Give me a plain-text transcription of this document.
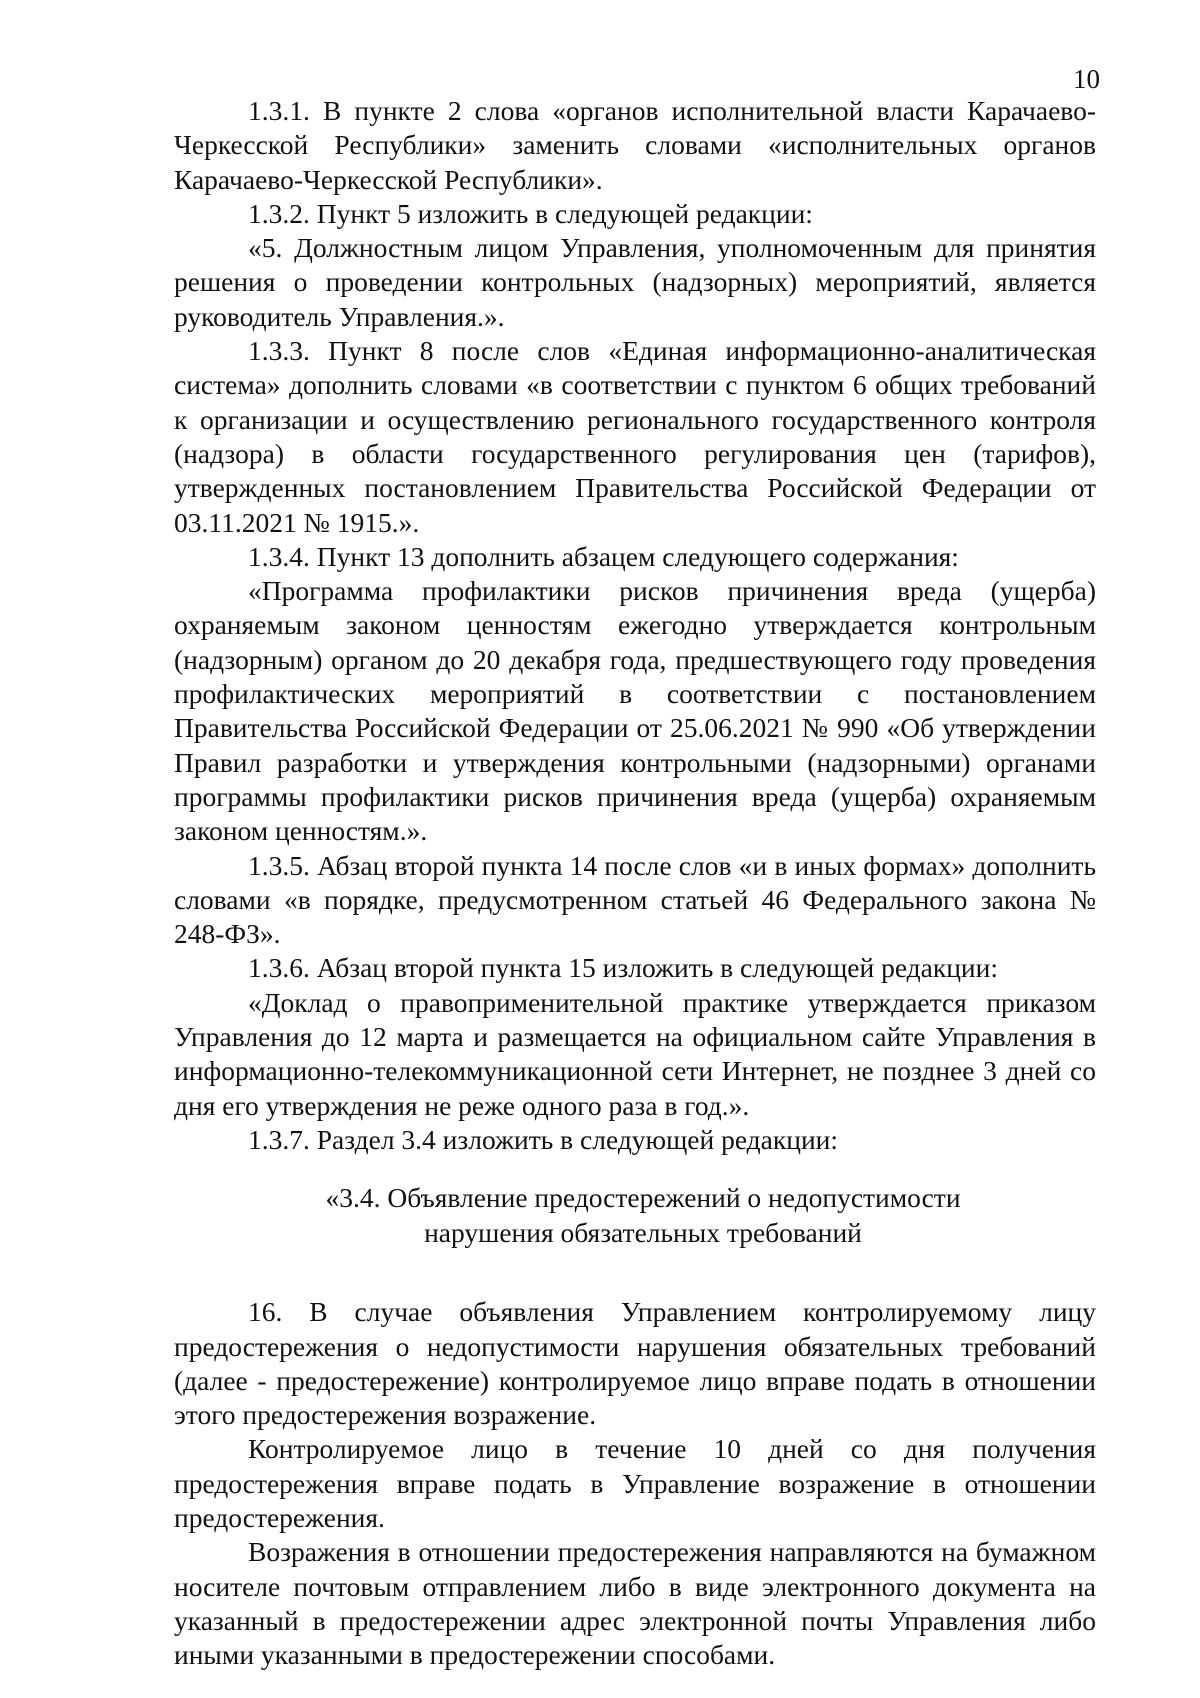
10

1.3.1. В пункте 2 слова «органов исполнительной власти Карачаево-Черкесской Республики» заменить словами «исполнительных органов Карачаево-Черкесской Республики».

1.3.2. Пункт 5 изложить в следующей редакции:

«5. Должностным лицом Управления, уполномоченным для принятия решения о проведении контрольных (надзорных) мероприятий, является руководитель Управления.».

1.3.3. Пункт 8 после слов «Единая информационно-аналитическая система» дополнить словами «в соответствии с пунктом 6 общих требований к организации и осуществлению регионального государственного контроля (надзора) в области государственного регулирования цен (тарифов), утвержденных постановлением Правительства Российской Федерации от 03.11.2021 № 1915.».

1.3.4. Пункт 13 дополнить абзацем следующего содержания:

«Программа профилактики рисков причинения вреда (ущерба) охраняемым законом ценностям ежегодно утверждается контрольным (надзорным) органом до 20 декабря года, предшествующего году проведения профилактических мероприятий в соответствии с постановлением Правительства Российской Федерации от 25.06.2021 № 990 «Об утверждении Правил разработки и утверждения контрольными (надзорными) органами программы профилактики рисков причинения вреда (ущерба) охраняемым законом ценностям.».

1.3.5. Абзац второй пункта 14 после слов «и в иных формах» дополнить словами «в порядке, предусмотренном статьей 46 Федерального закона № 248-ФЗ».

1.3.6. Абзац второй пункта 15 изложить в следующей редакции:

«Доклад о правоприменительной практике утверждается приказом Управления до 12 марта и размещается на официальном сайте Управления в информационно-телекоммуникационной сети Интернет, не позднее 3 дней со дня его утверждения не реже одного раза в год.».

1.3.7. Раздел 3.4 изложить в следующей редакции:

«3.4. Объявление предостережений о недопустимости
нарушения обязательных требований

16. В случае объявления Управлением контролируемому лицу предостережения о недопустимости нарушения обязательных требований (далее - предостережение) контролируемое лицо вправе подать в отношении этого предостережения возражение.

Контролируемое лицо в течение 10 дней со дня получения предостережения вправе подать в Управление возражение в отношении предостережения.

Возражения в отношении предостережения направляются на бумажном носителе почтовым отправлением либо в виде электронного документа на указанный в предостережении адрес электронной почты Управления либо иными указанными в предостережении способами.
